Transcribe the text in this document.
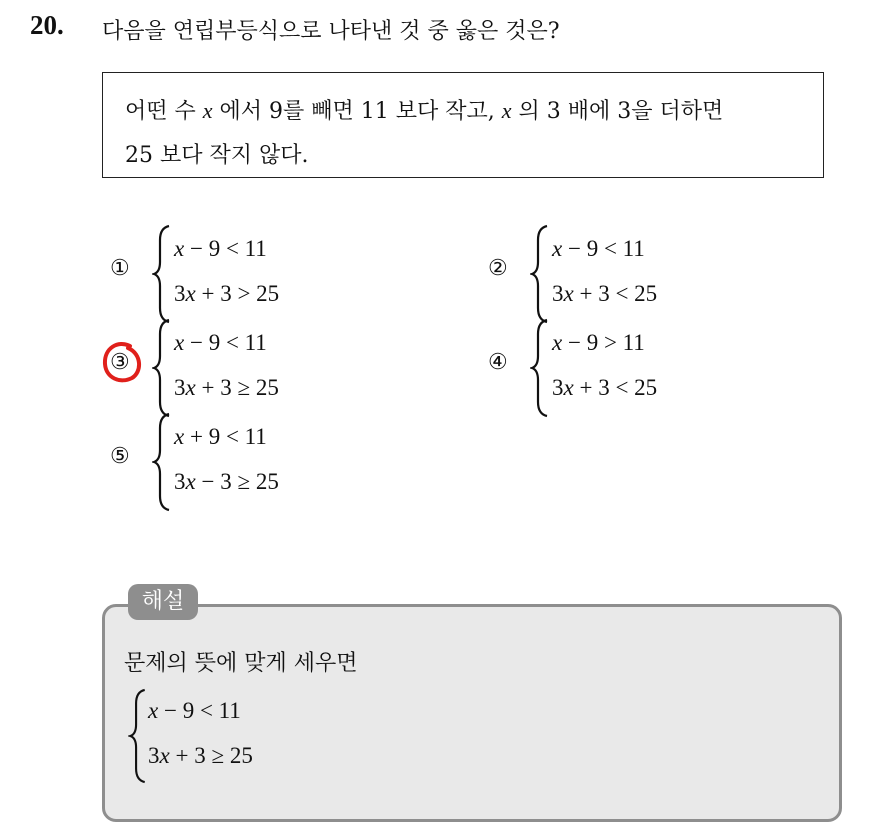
20. 다음을 연립부등식으로 나타낸 것 중 옳은 것은?
어떤 수 x 에서 9를 빼면 11 보다 작고, x 의 3 배에 3을 더하면
25 보다 작지 않다.
①
x − 9 < 11
3x + 3 > 25
②
x − 9 < 11
3x + 3 < 25
③
x − 9 < 11
3x + 3 ≥ 25
④
x − 9 > 11
3x + 3 < 25
⑤
x + 9 < 11
3x − 3 ≥ 25
해설
문제의 뜻에 맞게 세우면
x − 9 < 11
3x + 3 ≥ 25
